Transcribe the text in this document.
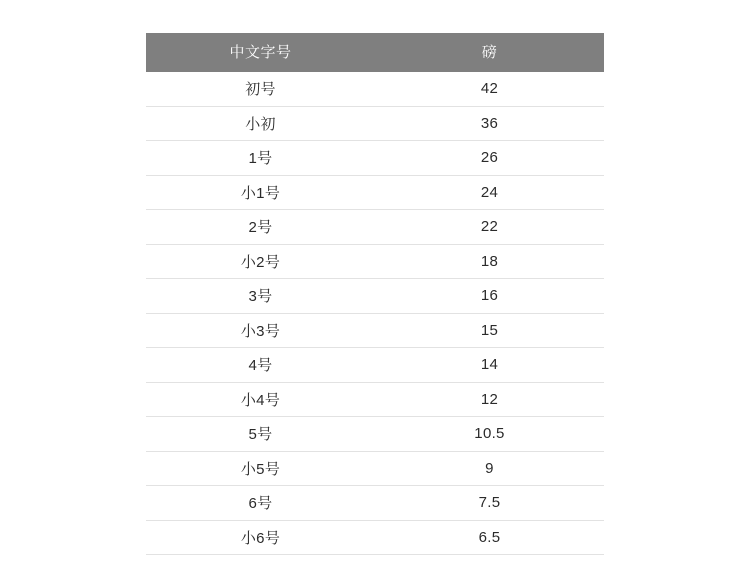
中文字号	磅
初号	42
小初	36
1号	26
小1号	24
2号	22
小2号	18
3号	16
小3号	15
4号	14
小4号	12
5号	10.5
小5号	9
6号	7.5
小6号	6.5
